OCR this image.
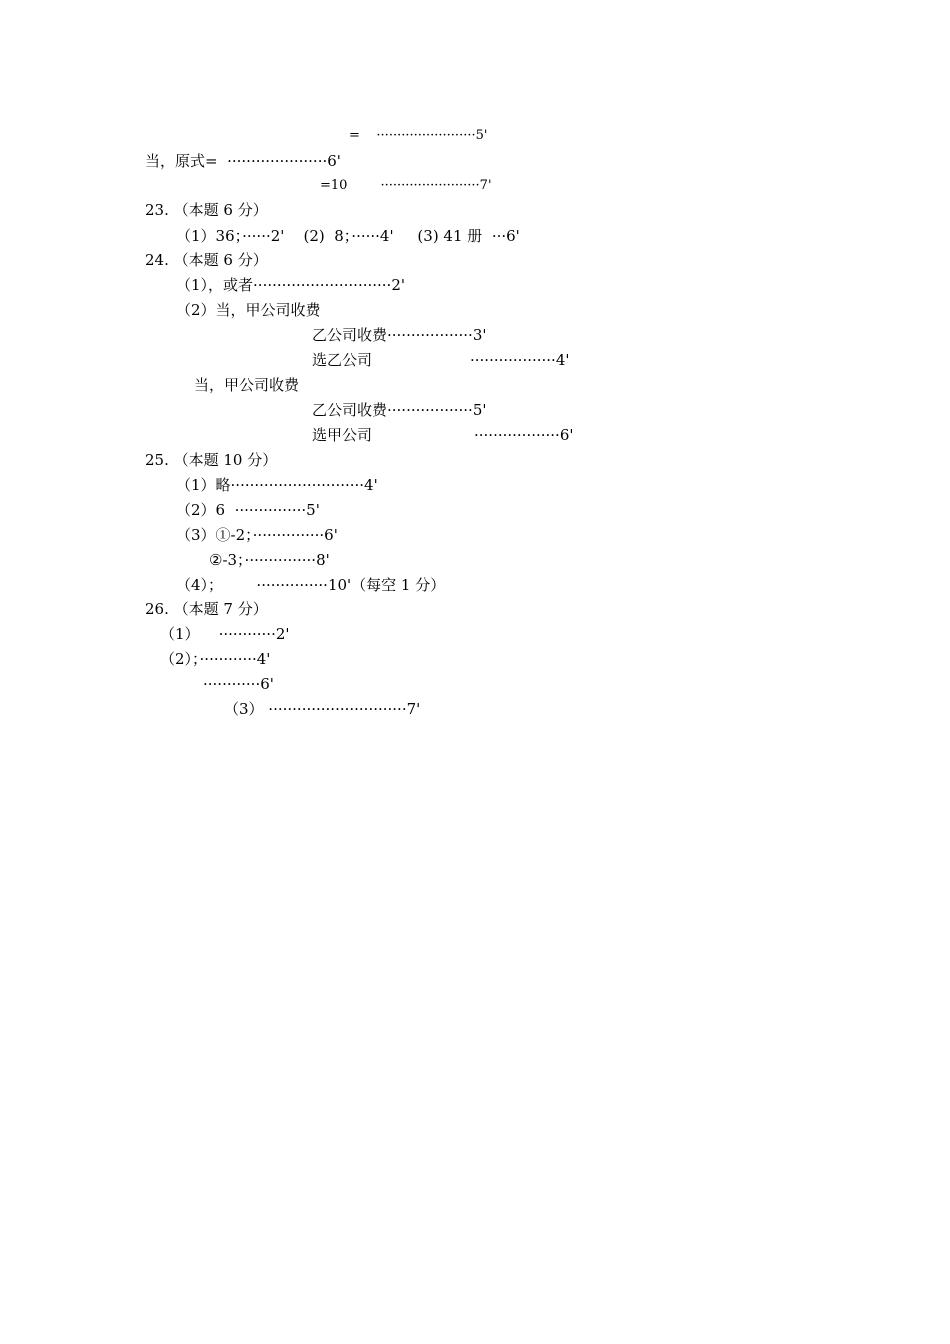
=    ························5'
当，原式=  ·····················6'
=10        ························7'
23. （本题 6 分）
（1）36；······2'    (2)  8；······4'     (3) 41 册  ···6'
24. （本题 6 分）
（1），或者·····························2'
（2）当，甲公司收费
乙公司收费··················3'
选乙公司	··················4'
当，甲公司收费
乙公司收费··················5'
选甲公司	··················6'
25. （本题 10 分）
（1）略····························4'
（2）6  ···············5'
（3）①-2；···············6'
②-3；···············8'
（4）；       ···············10'（每空 1 分）
26. （本题 7 分）
（1）    ············2'
（2）；············4'
············6'
（3） ·····························7'
